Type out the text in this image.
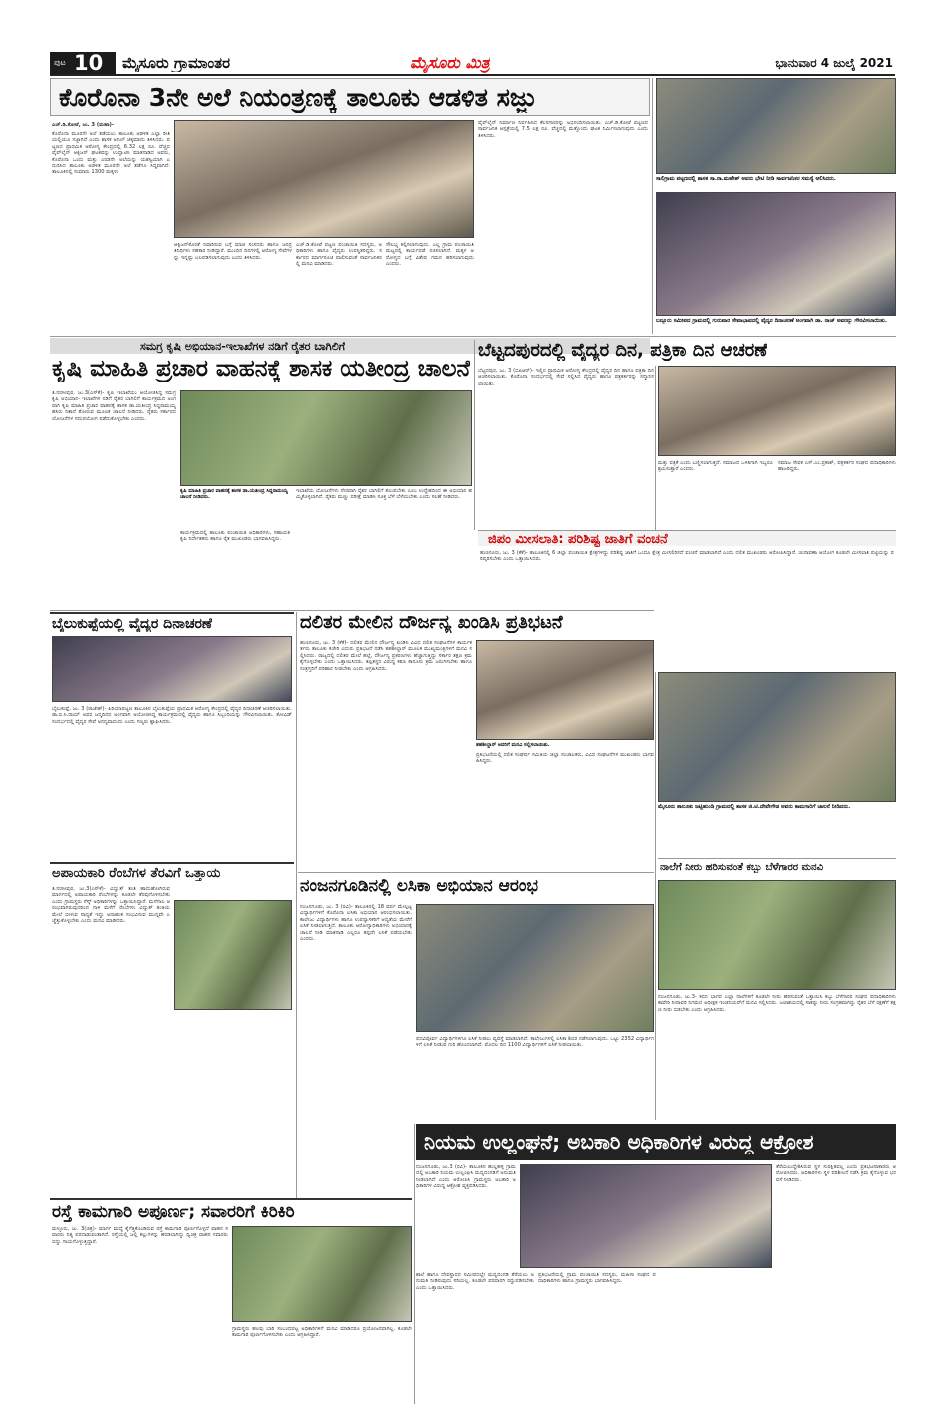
ಪುಟ 10 ಮೈಸೂರು ಗ್ರಾಮಾಂತರ	ಮೈಸೂರು ಮಿತ್ರ	ಭಾನುವಾರ 4 ಜುಲೈ 2021
ಕೊರೊನಾ 3ನೇ ಅಲೆ ನಿಯಂತ್ರಣಕ್ಕೆ ತಾಲೂಕು ಆಡಳಿತ ಸಜ್ಜು
ಎಚ್.ಡಿ.ಕೋಟೆ, ಜು. 3 (ಮಹಾ)-
ಕೊರೊನಾ ಮೂರನೇ ಅಲೆ ತಡೆಯಲು ತಾಲೂಕು ಆಡಳಿತ ಎಲ್ಲಾ ರೀತಿ ಯಲ್ಲಿಯೂ ಸಜ್ಜಾಗಿದೆ ಎಂದು ಶಾಸಕ ಅನಿಲ್ ಚಿಕ್ಕಮಾದು ತಿಳಿಸಿದರು. ಪಟ್ಟಣದ ಪ್ರಾಥಮಿಕ ಆರೋಗ್ಯ ಕೇಂದ್ರದಲ್ಲಿ 6.32 ಲಕ್ಷ ರೂ. ವೆಚ್ಚದ ಪೈಪ್‌ಲೈನ್ ಆಕ್ಸಿಜನ್ ಘಟಕವನ್ನು ಉದ್ಘಾಟಿಸಿ ಮಾತನಾಡಿದ ಅವರು, ಕೊರೊನಾ ಒಂದು ಮತ್ತು ಎರಡನೇ ಅಲೆಯನ್ನು ಯಶಸ್ವಿಯಾಗಿ ಎದುರಿಸಿದ ತಾಲೂಕು ಆಡಳಿತ ಮೂರನೇ ಅಲೆ ತಡೆಗೂ ಸಿದ್ಧವಾಗಿದೆ. ತಾಲೂಕಿನಲ್ಲಿ ಸುಮಾರು 1300 ಮಕ್ಕಳು
ಆಕ್ಸಿಜನ್‌ಕೊರತೆ ನಿವಾರಿಸುವ ಬಗ್ಗೆ ಮಾಜಿ ಸಂಸದರು ಹಾಗೂ ಜನಪ್ರತಿನಿಧಿಗಳು ಸಹಕಾರ ನೀಡಿದ್ದಾರೆ. ಮುಂದಿನ ದಿನಗಳಲ್ಲಿ ಆರೋಗ್ಯ ಸೇವೆಗಳನ್ನು ಇನ್ನಷ್ಟು ಬಲಪಡಿಸಲಾಗುವುದು ಎಂದು ತಿಳಿಸಿದರು.
ಎಚ್.ಡಿ.ಕೋಟೆ ಪಟ್ಟಣ ಪಂಚಾಯಿತಿ ಸದಸ್ಯರು, ಅಧಿಕಾರಿಗಳು ಹಾಗೂ ವೈದ್ಯರು ಉಪಸ್ಥಿತರಿದ್ದರು. ಸರ್ಕಾರದ ಮಾರ್ಗಸೂಚಿ ಪಾಲಿಸುವಂತೆ ಸಾರ್ವಜನಿಕರಲ್ಲಿ ಮನವಿ ಮಾಡಿದರು.
ಸೌಲಭ್ಯ ಕಲ್ಪಿಸಲಾಗುವುದು. ಎಲ್ಲ ಗ್ರಾಮ ಪಂಚಾಯಿತಿ ಮಟ್ಟದಲ್ಲಿ ಕಾರ್ಯಪಡೆ ರಚಿಸಲಾಗಿದೆ. ಮಕ್ಕಳ ಆರೋಗ್ಯದ ಬಗ್ಗೆ ವಿಶೇಷ ಗಮನ ಹರಿಸಲಾಗುವುದು ಎಂದರು.
ಪೈಪ್‌ಲೈನ್ ನಿರ್ಮಾಣ ನಿರ್ವಹಿಸಿದ ಕೆಲಸಗಾರರನ್ನು ಅಭಿನಂದಿಸಲಾಯಿತು. ಎಚ್.ಡಿ.ಕೋಟೆ ಪಟ್ಟಣದ ಸಾರ್ವಜನಿಕ ಆಸ್ಪತ್ರೆಯಲ್ಲಿ 7.5 ಲಕ್ಷ ರೂ. ವೆಚ್ಚದಲ್ಲಿ ಮತ್ತೊಂದು ಘಟಕ ನಿರ್ಮಿಸಲಾಗುವುದು ಎಂದು ತಿಳಿಸಿದರು.
ಸಾಲಿಗ್ರಾಮ ಪಟ್ಟಣದಲ್ಲಿ ಶಾಸಕ ಸಾ.ರಾ.ಮಹೇಶ್ ಅವರು ಭೇಟಿ ನೀಡಿ ಸಾರ್ವಜನಿಕರ ಸಮಸ್ಯೆ ಆಲಿಸಿದರು.
ಬನ್ನೂರು ಸಮೀಪದ ಗ್ರಾಮದಲ್ಲಿ ಗುರುವಾರ ಸೇವಾಭಾವದಲ್ಲಿ ವೈದ್ಯರ ದಿನಾಚರಣೆ ಅಂಗವಾಗಿ ಡಾ. ರಾಜ್ ಅವರನ್ನು ಗೌರವಿಸಲಾಯಿತು.
ಸಮಗ್ರ ಕೃಷಿ ಅಭಿಯಾನ-ಇಲಾಖೆಗಳ ನಡಿಗೆ ರೈತರ ಬಾಗಿಲಿಗೆ
ಕೃಷಿ ಮಾಹಿತಿ ಪ್ರಚಾರ ವಾಹನಕ್ಕೆ ಶಾಸಕ ಯತೀಂದ್ರ ಚಾಲನೆ
ತಿ.ನರಸೀಪುರ, ಜು.3(ಎಸ್‌ಕೆ)- ಕೃಷಿ ಇಲಾಖೆಯು ಆಯೋಜಿಸಿದ್ದ ಸಮಗ್ರ ಕೃಷಿ ಅಭಿಯಾನ- ಇಲಾಖೆಗಳ ನಡಿಗೆ ರೈತರ ಬಾಗಿಲಿಗೆ ಕಾರ್ಯಕ್ರಮದ ಅಂಗವಾಗಿ ಕೃಷಿ ಮಾಹಿತಿ ಪ್ರಚಾರ ವಾಹನಕ್ಕೆ ಶಾಸಕ ಡಾ.ಯತೀಂದ್ರ ಸಿದ್ದರಾಮಯ್ಯ ಹಸಿರು ನಿಶಾನೆ ತೋರುವ ಮೂಲಕ ಚಾಲನೆ ನೀಡಿದರು. ರೈತರು ಸರ್ಕಾರದ ಯೋಜನೆಗಳ ಸದುಪಯೋಗ ಪಡೆದುಕೊಳ್ಳಬೇಕು ಎಂದರು.
ಕೃಷಿ ಮಾಹಿತಿ ಪ್ರಚಾರ ವಾಹನಕ್ಕೆ ಶಾಸಕ ಡಾ.ಯತೀಂದ್ರ ಸಿದ್ದರಾಮಯ್ಯ ಚಾಲನೆ ನೀಡಿದರು.
ಇಲಾಖೆಯ ಯೋಜನೆಗಳು ನೇರವಾಗಿ ರೈತರ ಬಾಗಿಲಿಗೆ ತಲುಪಬೇಕು ಎಂಬ ಉದ್ದೇಶದಿಂದ ಈ ಅಭಿಯಾನ ಹಮ್ಮಿಕೊಳ್ಳಲಾಗಿದೆ. ರೈತರು ಮಣ್ಣು ಪರೀಕ್ಷೆ ಮಾಡಿಸಿ ಸೂಕ್ತ ಬೆಳೆ ಬೆಳೆಯಬೇಕು ಎಂದು ಸಲಹೆ ನೀಡಿದರು.
ಕಾರ್ಯಕ್ರಮದಲ್ಲಿ ತಾಲೂಕು ಪಂಚಾಯಿತಿ ಅಧಿಕಾರಿಗಳು, ಸಹಾಯಕ ಕೃಷಿ ನಿರ್ದೇಶಕರು ಹಾಗೂ ರೈತ ಮುಖಂಡರು ಭಾಗವಹಿಸಿದ್ದರು.
ಬೆಟ್ಟದಪುರದಲ್ಲಿ ವೈದ್ಯರ ದಿನ, ಪತ್ರಿಕಾ ದಿನ ಆಚರಣೆ
ಬೆಟ್ಟದಪುರ, ಜು. 3 (ಬಿಪಿಆರ್)- ಇಲ್ಲಿನ ಪ್ರಾಥಮಿಕ ಆರೋಗ್ಯ ಕೇಂದ್ರದಲ್ಲಿ ವೈದ್ಯರ ದಿನ ಹಾಗೂ ಪತ್ರಿಕಾ ದಿನ ಆಚರಿಸಲಾಯಿತು. ಕೊರೊನಾ ಸಂದರ್ಭದಲ್ಲಿ ಸೇವೆ ಸಲ್ಲಿಸಿದ ವೈದ್ಯರು ಹಾಗೂ ಪತ್ರಕರ್ತರನ್ನು ಸನ್ಮಾನಿಸಲಾಯಿತು.
ಮತ್ತು ಪತ್ರಿಕೆ ಎಂದು ಬಣ್ಣಿಸಲಾಗುತ್ತದೆ. ಸಮಾಜದ ಒಳಿತಿಗಾಗಿ ಇಬ್ಬರೂ ಶ್ರಮಿಸುತ್ತಾರೆ ಎಂದರು.
ಸಮಾಜ ಸೇವಕ ಎಸ್.ಎಂ.ಪ್ರಕಾಶ್, ಪತ್ರಕರ್ತರ ಸಂಘದ ಪದಾಧಿಕಾರಿಗಳು ಹಾಜರಿದ್ದರು.
ಜಿಪಂ ಮೀಸಲಾತಿ: ಪರಿಶಿಷ್ಟ ಜಾತಿಗೆ ವಂಚನೆ
ಹುಣಸೂರು, ಜು. 3 (ಕೆಕೆ)- ತಾಲೂಕಿನಲ್ಲಿ 6 ಜಿಲ್ಲಾ ಪಂಚಾಯಿತಿ ಕ್ಷೇತ್ರಗಳಿದ್ದು ಪರಿಶಿಷ್ಟ ಜಾತಿಗೆ ಒಂದೂ ಕ್ಷೇತ್ರ ಮೀಸಲಿರಿಸದೆ ವಂಚನೆ ಮಾಡಲಾಗಿದೆ ಎಂದು ದಲಿತ ಮುಖಂಡರು ಆರೋಪಿಸಿದ್ದಾರೆ. ಚುನಾವಣಾ ಆಯೋಗ ಕೂಡಲೇ ಮೀಸಲಾತಿ ಪಟ್ಟಿಯನ್ನು ಪರಿಷ್ಕರಿಸಬೇಕು ಎಂದು ಒತ್ತಾಯಿಸಿದರು.
ಮೈಸೂರು ತಾಲೂಕು ಜಟ್ಟಿಹುಂಡಿ ಗ್ರಾಮದಲ್ಲಿ ಶಾಸಕ ಜಿ.ಟಿ.ದೇವೇಗೌಡ ಅವರು ಕಾಮಗಾರಿಗೆ ಚಾಲನೆ ನೀಡಿದರು.
ಬೈಲುಕುಪ್ಪೆಯಲ್ಲಿ ವೈದ್ಯರ ದಿನಾಚರಣೆ
ಬೈಲುಕುಪ್ಪೆ, ಜು. 3 (ರಾಜೇಶ್)- ಪಿರಿಯಾಪಟ್ಟಣ ತಾಲೂಕಿನ ಬೈಲುಕುಪ್ಪೆಯ ಪ್ರಾಥಮಿಕ ಆರೋಗ್ಯ ಕೇಂದ್ರದಲ್ಲಿ ವೈದ್ಯರ ದಿನಾಚರಣೆ ಆಚರಿಸಲಾಯಿತು. ಡಾ.ಬಿ.ಸಿ.ರಾಯ್ ಅವರ ಜನ್ಮದಿನದ ಅಂಗವಾಗಿ ಆಯೋಜಿಸಿದ್ದ ಕಾರ್ಯಕ್ರಮದಲ್ಲಿ ವೈದ್ಯರು ಹಾಗೂ ಸಿಬ್ಬಂದಿಯನ್ನು ಗೌರವಿಸಲಾಯಿತು. ಕೋವಿಡ್ ಸಂದರ್ಭದಲ್ಲಿ ವೈದ್ಯರ ಸೇವೆ ಅನನ್ಯವಾದುದು ಎಂದು ಗಣ್ಯರು ಶ್ಲಾಘಿಸಿದರು.
ದಲಿತರ ಮೇಲಿನ ದೌರ್ಜನ್ಯ ಖಂಡಿಸಿ ಪ್ರತಿಭಟನೆ
ಹುಣಸೂರು, ಜು. 3 (ಕೆಕೆ)- ದಲಿತರ ಮೇಲಿನ ದೌರ್ಜನ್ಯ ಖಂಡಿಸಿ ವಿವಿಧ ದಲಿತ ಸಂಘಟನೆಗಳ ಕಾರ್ಯಕರ್ತರು ತಾಲೂಕು ಕಚೇರಿ ಎದುರು ಪ್ರತಿಭಟನೆ ನಡೆಸಿ ತಹಶೀಲ್ದಾರ್ ಮೂಲಕ ಮುಖ್ಯಮಂತ್ರಿಗಳಿಗೆ ಮನವಿ ಸಲ್ಲಿಸಿದರು. ರಾಜ್ಯದಲ್ಲಿ ದಲಿತರ ಮೇಲೆ ಹಲ್ಲೆ, ದೌರ್ಜನ್ಯ ಪ್ರಕರಣಗಳು ಹೆಚ್ಚಾಗುತ್ತಿದ್ದು ಸರ್ಕಾರ ತಕ್ಷಣ ಕ್ರಮ ಕೈಗೊಳ್ಳಬೇಕು ಎಂದು ಒತ್ತಾಯಿಸಿದರು. ತಪ್ಪಿತಸ್ಥರ ವಿರುದ್ಧ ಕಠಿಣ ಕಾನೂನು ಕ್ರಮ ಜರುಗಿಸಬೇಕು ಹಾಗೂ ಸಂತ್ರಸ್ತರಿಗೆ ಪರಿಹಾರ ನೀಡಬೇಕು ಎಂದು ಆಗ್ರಹಿಸಿದರು.
ತಹಶೀಲ್ದಾರ್ ಅವರಿಗೆ ಮನವಿ ಸಲ್ಲಿಸಲಾಯಿತು.
ಪ್ರತಿಭಟನೆಯಲ್ಲಿ ದಲಿತ ಸಂಘರ್ಷ ಸಮಿತಿಯ ಜಿಲ್ಲಾ ಸಂಚಾಲಕರು, ವಿವಿಧ ಸಂಘಟನೆಗಳ ಮುಖಂಡರು ಭಾಗವಹಿಸಿದ್ದರು.
ಅಪಾಯಕಾರಿ ರೆಂಬೆಗಳ ತೆರವಿಗೆ ಒತ್ತಾಯ
ತಿ.ನರಸೀಪುರ, ಜು.3(ಎಸ್‌ಕೆ)- ವಿದ್ಯುತ್ ತಂತಿ ಹಾದುಹೋಗಿರುವ ಮಾರ್ಗದಲ್ಲಿ ಅಪಾಯಕಾರಿ ರೆಂಬೆಗಳನ್ನು ಕೂಡಲೇ ತೆರವುಗೊಳಿಸಬೇಕು ಎಂದು ಗ್ರಾಮಸ್ಥರು ಸೆಸ್ಕ್ ಅಧಿಕಾರಿಗಳನ್ನು ಒತ್ತಾಯಿಸಿದ್ದಾರೆ. ಮಳೆಗಾಲ ಆರಂಭವಾಗಿರುವುದರಿಂದ ಗಾಳಿ ಮಳೆಗೆ ರೆಂಬೆಗಳು ವಿದ್ಯುತ್ ತಂತಿಯ ಮೇಲೆ ಬೀಳುವ ಸಾಧ್ಯತೆ ಇದ್ದು ಅನಾಹುತ ಸಂಭವಿಸುವ ಮುನ್ನವೇ ಎಚ್ಚೆತ್ತುಕೊಳ್ಳಬೇಕು ಎಂದು ಮನವಿ ಮಾಡಿದರು.
ನಂಜನಗೂಡಿನಲ್ಲಿ ಲಸಿಕಾ ಅಭಿಯಾನ ಆರಂಭ
ನಂಜನಗೂಡು, ಜು. 3 (ರವಿ)- ತಾಲೂಕಿನಲ್ಲಿ 18 ವರ್ಷ ಮೇಲ್ಪಟ್ಟ ವಿದ್ಯಾರ್ಥಿಗಳಿಗೆ ಕೊರೊನಾ ಲಸಿಕಾ ಅಭಿಯಾನ ಆರಂಭಿಸಲಾಯಿತು. ಕಾಲೇಜು ವಿದ್ಯಾರ್ಥಿಗಳು ಹಾಗೂ ಉಪನ್ಯಾಸಕರಿಗೆ ಆದ್ಯತೆಯ ಮೇರೆಗೆ ಲಸಿಕೆ ನೀಡಲಾಗುತ್ತಿದೆ. ತಾಲೂಕು ಆರೋಗ್ಯಾಧಿಕಾರಿಗಳು ಅಭಿಯಾನಕ್ಕೆ ಚಾಲನೆ ನೀಡಿ ಮಾತನಾಡಿ ಎಲ್ಲರೂ ತಪ್ಪದೇ ಲಸಿಕೆ ಪಡೆಯಬೇಕು ಎಂದರು.
ಪದವಿಪೂರ್ವ ವಿದ್ಯಾರ್ಥಿಗಳಿಗೂ ಲಸಿಕೆ ನೀಡಲು ವ್ಯವಸ್ಥೆ ಮಾಡಲಾಗಿದೆ. ಕಾಲೇಜುಗಳಲ್ಲಿ ಲಸಿಕಾ ಶಿಬಿರ ನಡೆಸಲಾಗುವುದು. ಒಟ್ಟು 2352 ವಿದ್ಯಾರ್ಥಿಗಳಿಗೆ ಲಸಿಕೆ ನೀಡುವ ಗುರಿ ಹೊಂದಲಾಗಿದೆ. ಮೊದಲ ದಿನ 1100 ವಿದ್ಯಾರ್ಥಿಗಳಿಗೆ ಲಸಿಕೆ ನೀಡಲಾಯಿತು.
ನಾಲೆಗೆ ನೀರು ಹರಿಸುವಂತೆ ಕಬ್ಬು ಬೆಳೆಗಾರರ ಮನವಿ
ನಂಜನಗೂಡು, ಜು.3- ಕಬಿನಿ ಭಾಗದ ಎಲ್ಲಾ ನಾಲೆಗಳಿಗೆ ಕೂಡಲೇ ನೀರು ಹರಿಸುವಂತೆ ಒತ್ತಾಯಿಸಿ ಕಬ್ಬು ಬೆಳೆಗಾರರ ಸಂಘದ ಪದಾಧಿಕಾರಿಗಳು ಕಾವೇರಿ ನೀರಾವರಿ ನಿಗಮದ ಅಧೀಕ್ಷಕ ಇಂಜಿನಿಯರ್‌ಗೆ ಮನವಿ ಸಲ್ಲಿಸಿದರು. ಜಲಾಶಯದಲ್ಲಿ ಸಾಕಷ್ಟು ನೀರು ಸಂಗ್ರಹವಾಗಿದ್ದು ರೈತರ ಬೆಳೆ ರಕ್ಷಣೆಗೆ ತಕ್ಷಣ ನೀರು ಬಿಡಬೇಕು ಎಂದು ಆಗ್ರಹಿಸಿದರು.
ನಿಯಮ ಉಲ್ಲಂಘನೆ; ಅಬಕಾರಿ ಅಧಿಕಾರಿಗಳ ವಿರುದ್ಧ ಆಕ್ರೋಶ
ನಂಜನಗೂಡು, ಜು.3 (ರವಿ)- ತಾಲೂಕಿನ ಹುಲ್ಲಹಳ್ಳಿ ಗ್ರಾಮದಲ್ಲಿ ಅಬಕಾರಿ ನಿಯಮ ಉಲ್ಲಂಘಿಸಿ ಮದ್ಯದಂಗಡಿಗೆ ಅನುಮತಿ ನೀಡಲಾಗಿದೆ ಎಂದು ಆರೋಪಿಸಿ ಗ್ರಾಮಸ್ಥರು ಅಬಕಾರಿ ಅಧಿಕಾರಿಗಳ ವಿರುದ್ಧ ಆಕ್ರೋಶ ವ್ಯಕ್ತಪಡಿಸಿದರು.
ಶಾಲೆ ಹಾಗೂ ದೇವಸ್ಥಾನದ ಸಮೀಪದಲ್ಲೇ ಮದ್ಯದಂಗಡಿ ತೆರೆಯಲು ಅನುಮತಿ ನೀಡಿರುವುದು ಸರಿಯಲ್ಲ. ಕೂಡಲೇ ಪರವಾನಗಿ ರದ್ದುಪಡಿಸಬೇಕು ಎಂದು ಒತ್ತಾಯಿಸಿದರು.
ಪ್ರತಿಭಟನೆಯಲ್ಲಿ ಗ್ರಾಮ ಪಂಚಾಯಿತಿ ಸದಸ್ಯರು, ಮಹಿಳಾ ಸಂಘದ ಪದಾಧಿಕಾರಿಗಳು ಹಾಗೂ ಗ್ರಾಮಸ್ಥರು ಭಾಗವಹಿಸಿದ್ದರು.
ತೆರೆಯಲುದ್ದೇಶಿಸಿರುವ ಸ್ಥಳ ಸುರಕ್ಷಿತವಲ್ಲ ಎಂದು ಪ್ರತಿಭಟನಾಕಾರರು ಆರೋಪಿಸಿದರು. ಅಧಿಕಾರಿಗಳು ಸ್ಥಳ ಪರಿಶೀಲನೆ ನಡೆಸಿ ಕ್ರಮ ಕೈಗೊಳ್ಳುವ ಭರವಸೆ ನೀಡಿದರು.
ರಸ್ತೆ ಕಾಮಗಾರಿ ಅಪೂರ್ಣ; ಸವಾರರಿಗೆ ಕಿರಿಕಿರಿ
ಮಳ್ಳೂರು, ಜು. 3(ಚಿತ್ರ)- ಮಾರ್ಗ ಮಧ್ಯೆ ಕೈಗೆತ್ತಿಕೊಂಡಿರುವ ರಸ್ತೆ ಕಾಮಗಾರಿ ಪೂರ್ಣಗೊಳ್ಳದೆ ವಾಹನ ಸವಾರರು ನಿತ್ಯ ಪರದಾಡುವಂತಾಗಿದೆ. ರಸ್ತೆಯಲ್ಲಿ ಜಲ್ಲಿ ಕಲ್ಲುಗಳನ್ನು ಹರಡಲಾಗಿದ್ದು ದ್ವಿಚಕ್ರ ವಾಹನ ಸವಾರರು ಬಿದ್ದು ಗಾಯಗೊಳ್ಳುತ್ತಿದ್ದಾರೆ.
ಗ್ರಾಮಸ್ಥರು ಹಲವು ಬಾರಿ ಸಂಬಂಧಪಟ್ಟ ಅಧಿಕಾರಿಗಳಿಗೆ ಮನವಿ ಮಾಡಿದರೂ ಪ್ರಯೋಜನವಾಗಿಲ್ಲ. ಕೂಡಲೇ ಕಾಮಗಾರಿ ಪೂರ್ಣಗೊಳಿಸಬೇಕು ಎಂದು ಆಗ್ರಹಿಸಿದ್ದಾರೆ.
